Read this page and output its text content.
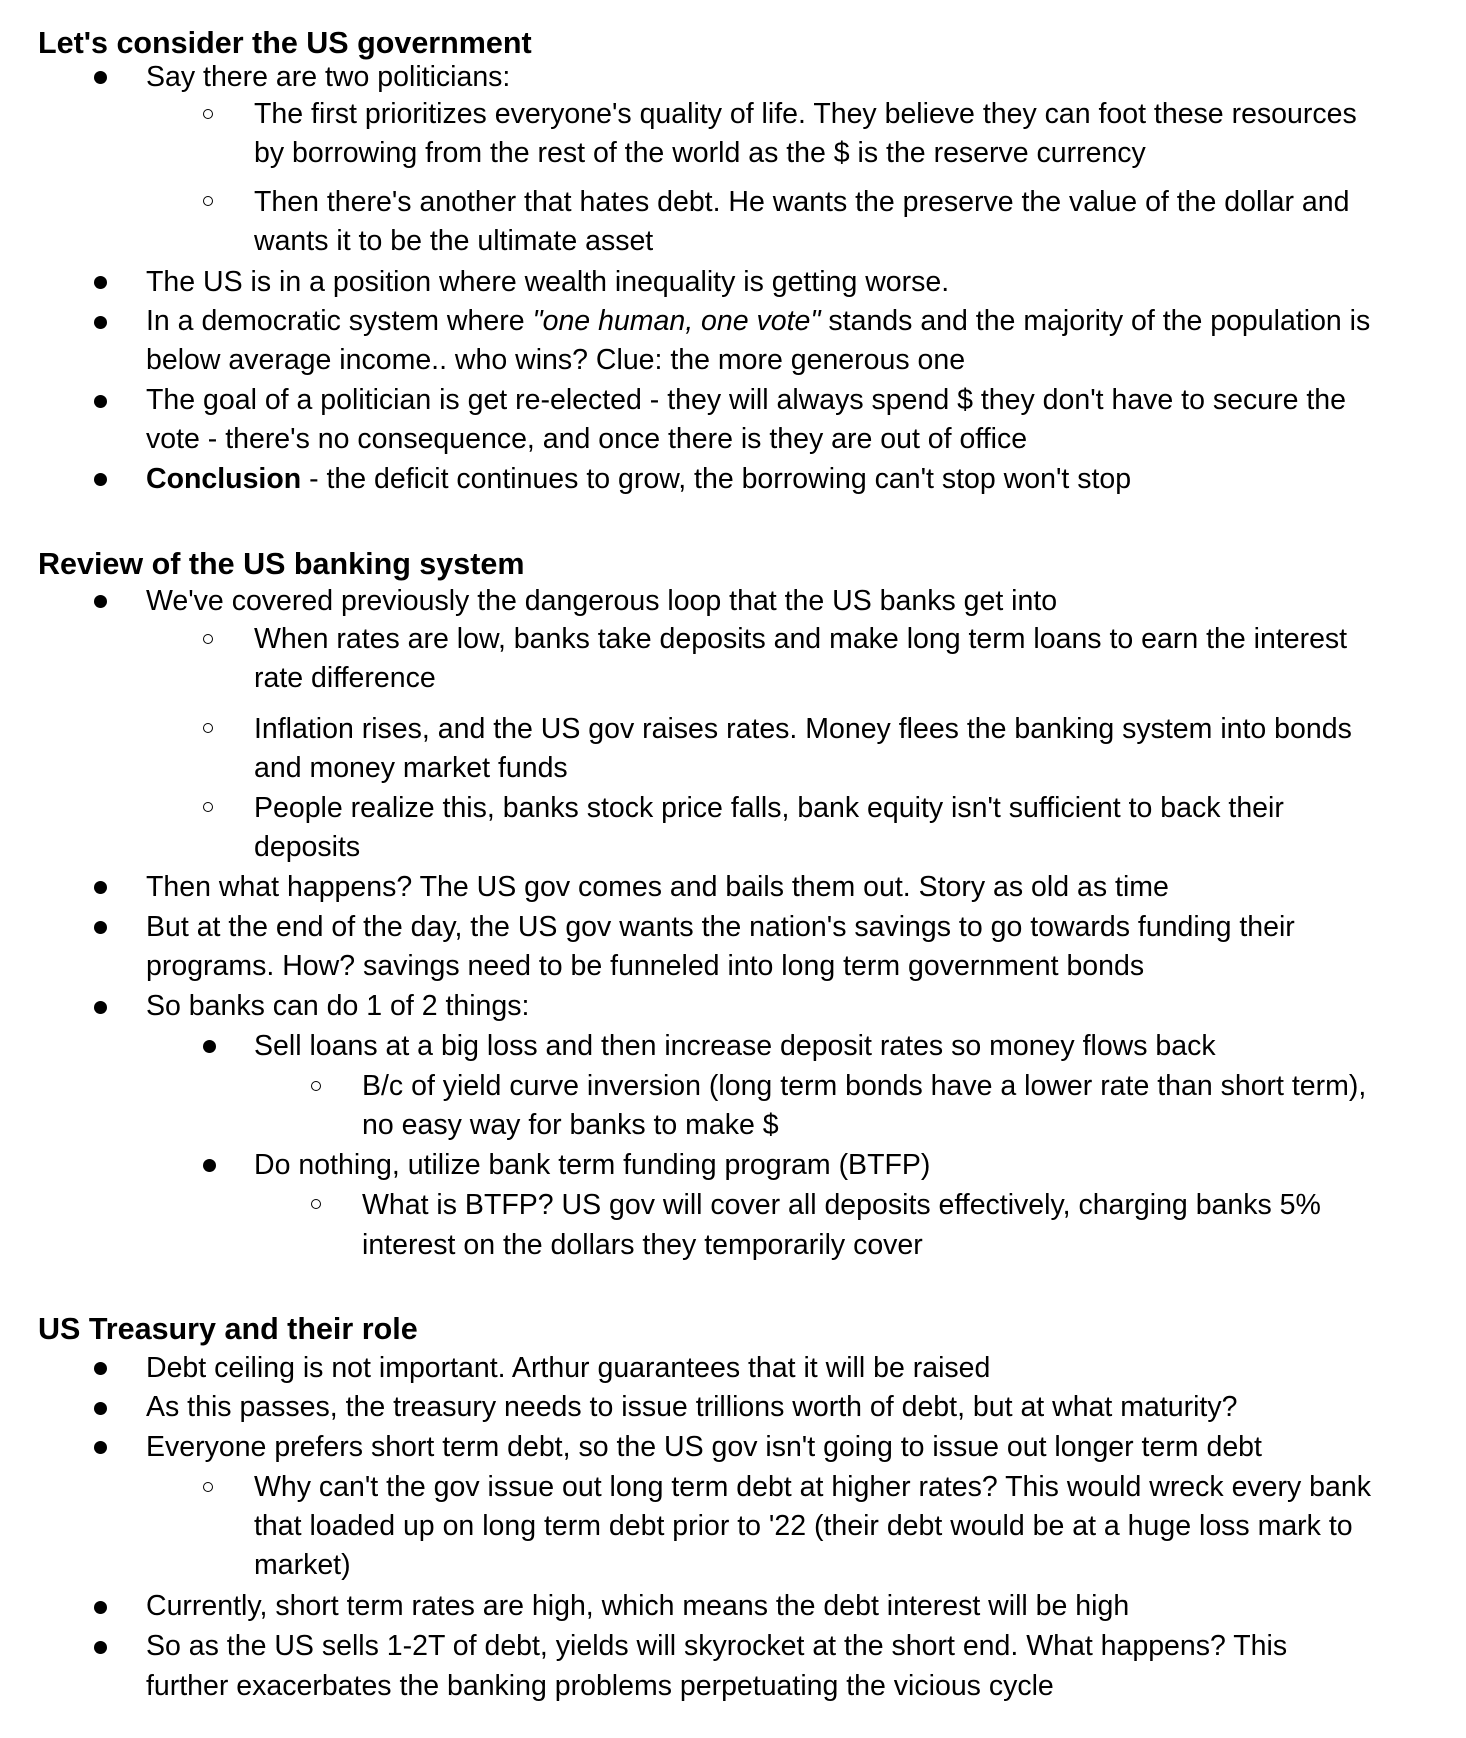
Let's consider the US government
Say there are two politicians:
The first prioritizes everyone's quality of life. They believe they can foot these resources
by borrowing from the rest of the world as the $ is the reserve currency
Then there's another that hates debt. He wants the preserve the value of the dollar and
wants it to be the ultimate asset
The US is in a position where wealth inequality is getting worse.
In a democratic system where "one human, one vote" stands and the majority of the population is
below average income.. who wins? Clue: the more generous one
The goal of a politician is get re-elected - they will always spend $ they don't have to secure the
vote - there's no consequence, and once there is they are out of office
Conclusion - the deficit continues to grow, the borrowing can't stop won't stop
Review of the US banking system
We've covered previously the dangerous loop that the US banks get into
When rates are low, banks take deposits and make long term loans to earn the interest
rate difference
Inflation rises, and the US gov raises rates. Money flees the banking system into bonds
and money market funds
People realize this, banks stock price falls, bank equity isn't sufficient to back their
deposits
Then what happens? The US gov comes and bails them out. Story as old as time
But at the end of the day, the US gov wants the nation's savings to go towards funding their
programs. How? savings need to be funneled into long term government bonds
So banks can do 1 of 2 things:
Sell loans at a big loss and then increase deposit rates so money flows back
B/c of yield curve inversion (long term bonds have a lower rate than short term),
no easy way for banks to make $
Do nothing, utilize bank term funding program (BTFP)
What is BTFP? US gov will cover all deposits effectively, charging banks 5%
interest on the dollars they temporarily cover
US Treasury and their role
Debt ceiling is not important. Arthur guarantees that it will be raised
As this passes, the treasury needs to issue trillions worth of debt, but at what maturity?
Everyone prefers short term debt, so the US gov isn't going to issue out longer term debt
Why can't the gov issue out long term debt at higher rates? This would wreck every bank
that loaded up on long term debt prior to '22 (their debt would be at a huge loss mark to
market)
Currently, short term rates are high, which means the debt interest will be high
So as the US sells 1-2T of debt, yields will skyrocket at the short end. What happens? This
further exacerbates the banking problems perpetuating the vicious cycle
